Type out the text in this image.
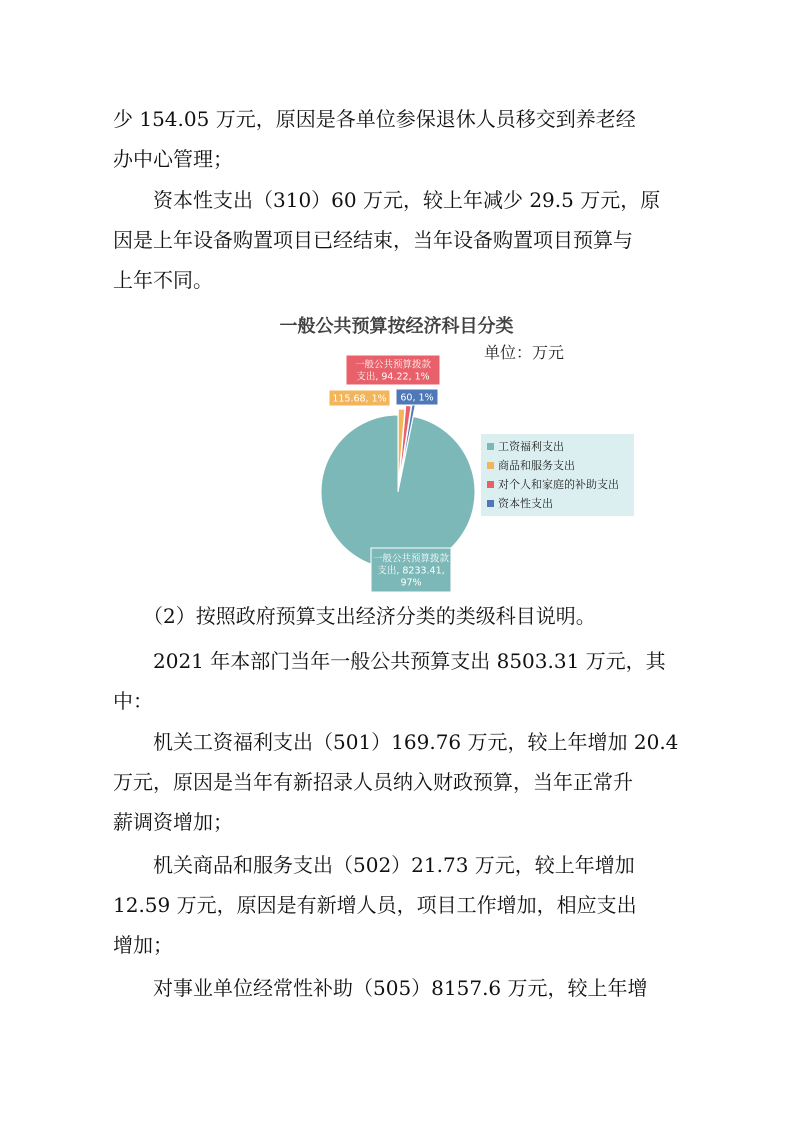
少 154.05 万元，原因是各单位参保退休人员移交到养老经
办中心管理；
　　资本性支出（310）60 万元，较上年减少 29.5 万元，原
因是上年设备购置项目已经结束，当年设备购置项目预算与
上年不同。
一般公共预算按经济科目分类
单位：万元
一般公共预算拨款
支出, 8233.41,
97%
115.68, 1%
一般公共预算拨款
支出, 94.22, 1%
60, 1%
工资福利支出
商品和服务支出
对个人和家庭的补助支出
资本性支出
　　（2）按照政府预算支出经济分类的类级科目说明。
　　2021 年本部门当年一般公共预算支出 8503.31 万元，其
中：
　　机关工资福利支出（501）169.76 万元，较上年增加 20.4
万元，原因是当年有新招录人员纳入财政预算，当年正常升
薪调资增加；
　　机关商品和服务支出（502）21.73 万元，较上年增加
12.59 万元，原因是有新增人员，项目工作增加，相应支出
增加；
　　对事业单位经常性补助（505）8157.6 万元，较上年增
